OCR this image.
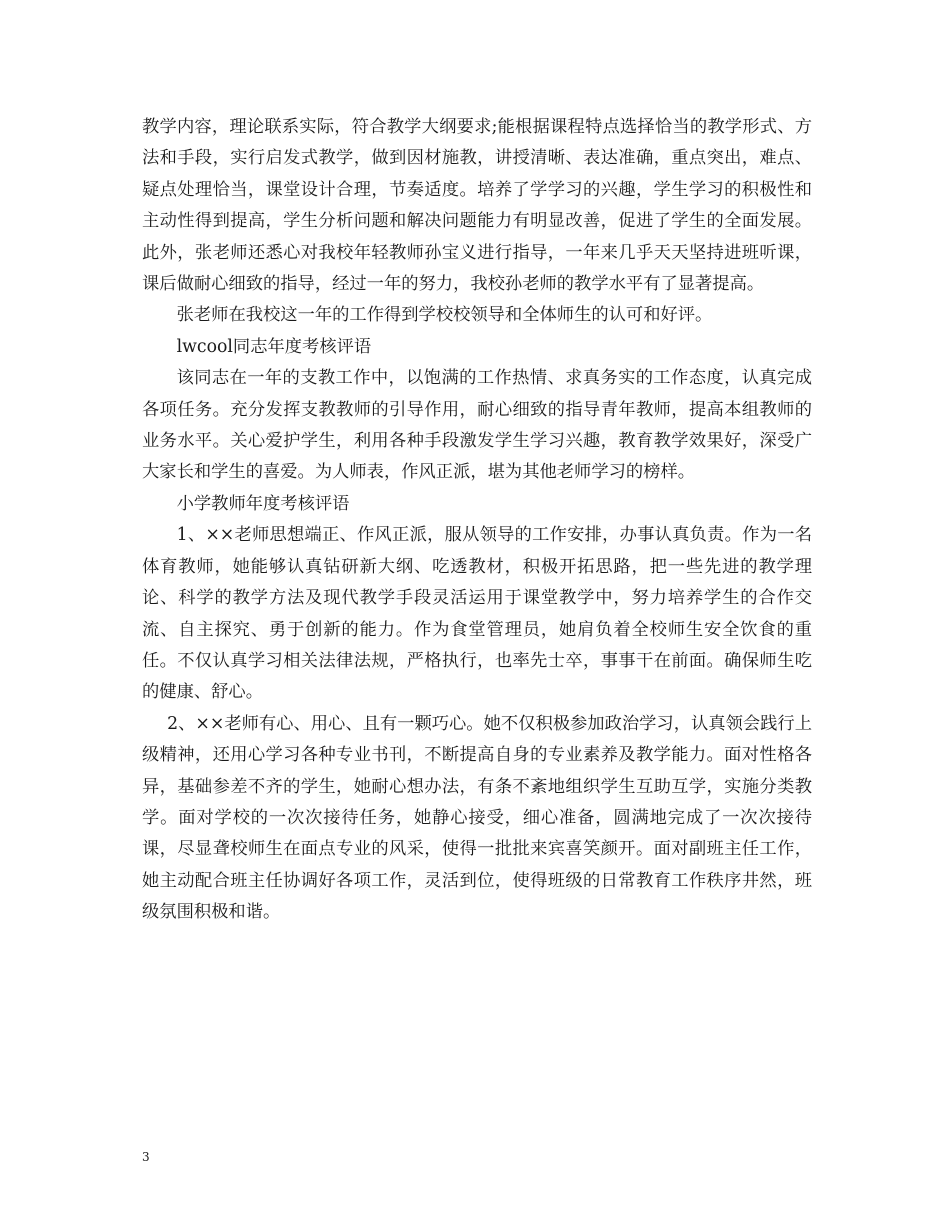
教学内容，理论联系实际，符合教学大纲要求;能根据课程特点选择恰当的教学形式、方法和手段，实行启发式教学，做到因材施教，讲授清晰、表达准确，重点突出，难点、疑点处理恰当，课堂设计合理，节奏适度。培养了学学习的兴趣，学生学习的积极性和主动性得到提高，学生分析问题和解决问题能力有明显改善，促进了学生的全面发展。此外，张老师还悉心对我校年轻教师孙宝义进行指导，一年来几乎天天坚持进班听课，课后做耐心细致的指导，经过一年的努力，我校孙老师的教学水平有了显著提高。

张老师在我校这一年的工作得到学校校领导和全体师生的认可和好评。

lwcool同志年度考核评语

该同志在一年的支教工作中，以饱满的工作热情、求真务实的工作态度，认真完成各项任务。充分发挥支教教师的引导作用，耐心细致的指导青年教师，提高本组教师的业务水平。关心爱护学生，利用各种手段激发学生学习兴趣，教育教学效果好，深受广大家长和学生的喜爱。为人师表，作风正派，堪为其他老师学习的榜样。

小学教师年度考核评语

1、××老师思想端正、作风正派，服从领导的工作安排，办事认真负责。作为一名体育教师，她能够认真钻研新大纲、吃透教材，积极开拓思路，把一些先进的教学理论、科学的教学方法及现代教学手段灵活运用于课堂教学中，努力培养学生的合作交流、自主探究、勇于创新的能力。作为食堂管理员，她肩负着全校师生安全饮食的重任。不仅认真学习相关法律法规，严格执行，也率先士卒，事事干在前面。确保师生吃的健康、舒心。

2、××老师有心、用心、且有一颗巧心。她不仅积极参加政治学习，认真领会践行上级精神，还用心学习各种专业书刊，不断提高自身的专业素养及教学能力。面对性格各异，基础参差不齐的学生，她耐心想办法，有条不紊地组织学生互助互学，实施分类教学。面对学校的一次次接待任务，她静心接受，细心准备，圆满地完成了一次次接待课，尽显聋校师生在面点专业的风采，使得一批批来宾喜笑颜开。面对副班主任工作，她主动配合班主任协调好各项工作，灵活到位，使得班级的日常教育工作秩序井然，班级氛围积极和谐。

3
